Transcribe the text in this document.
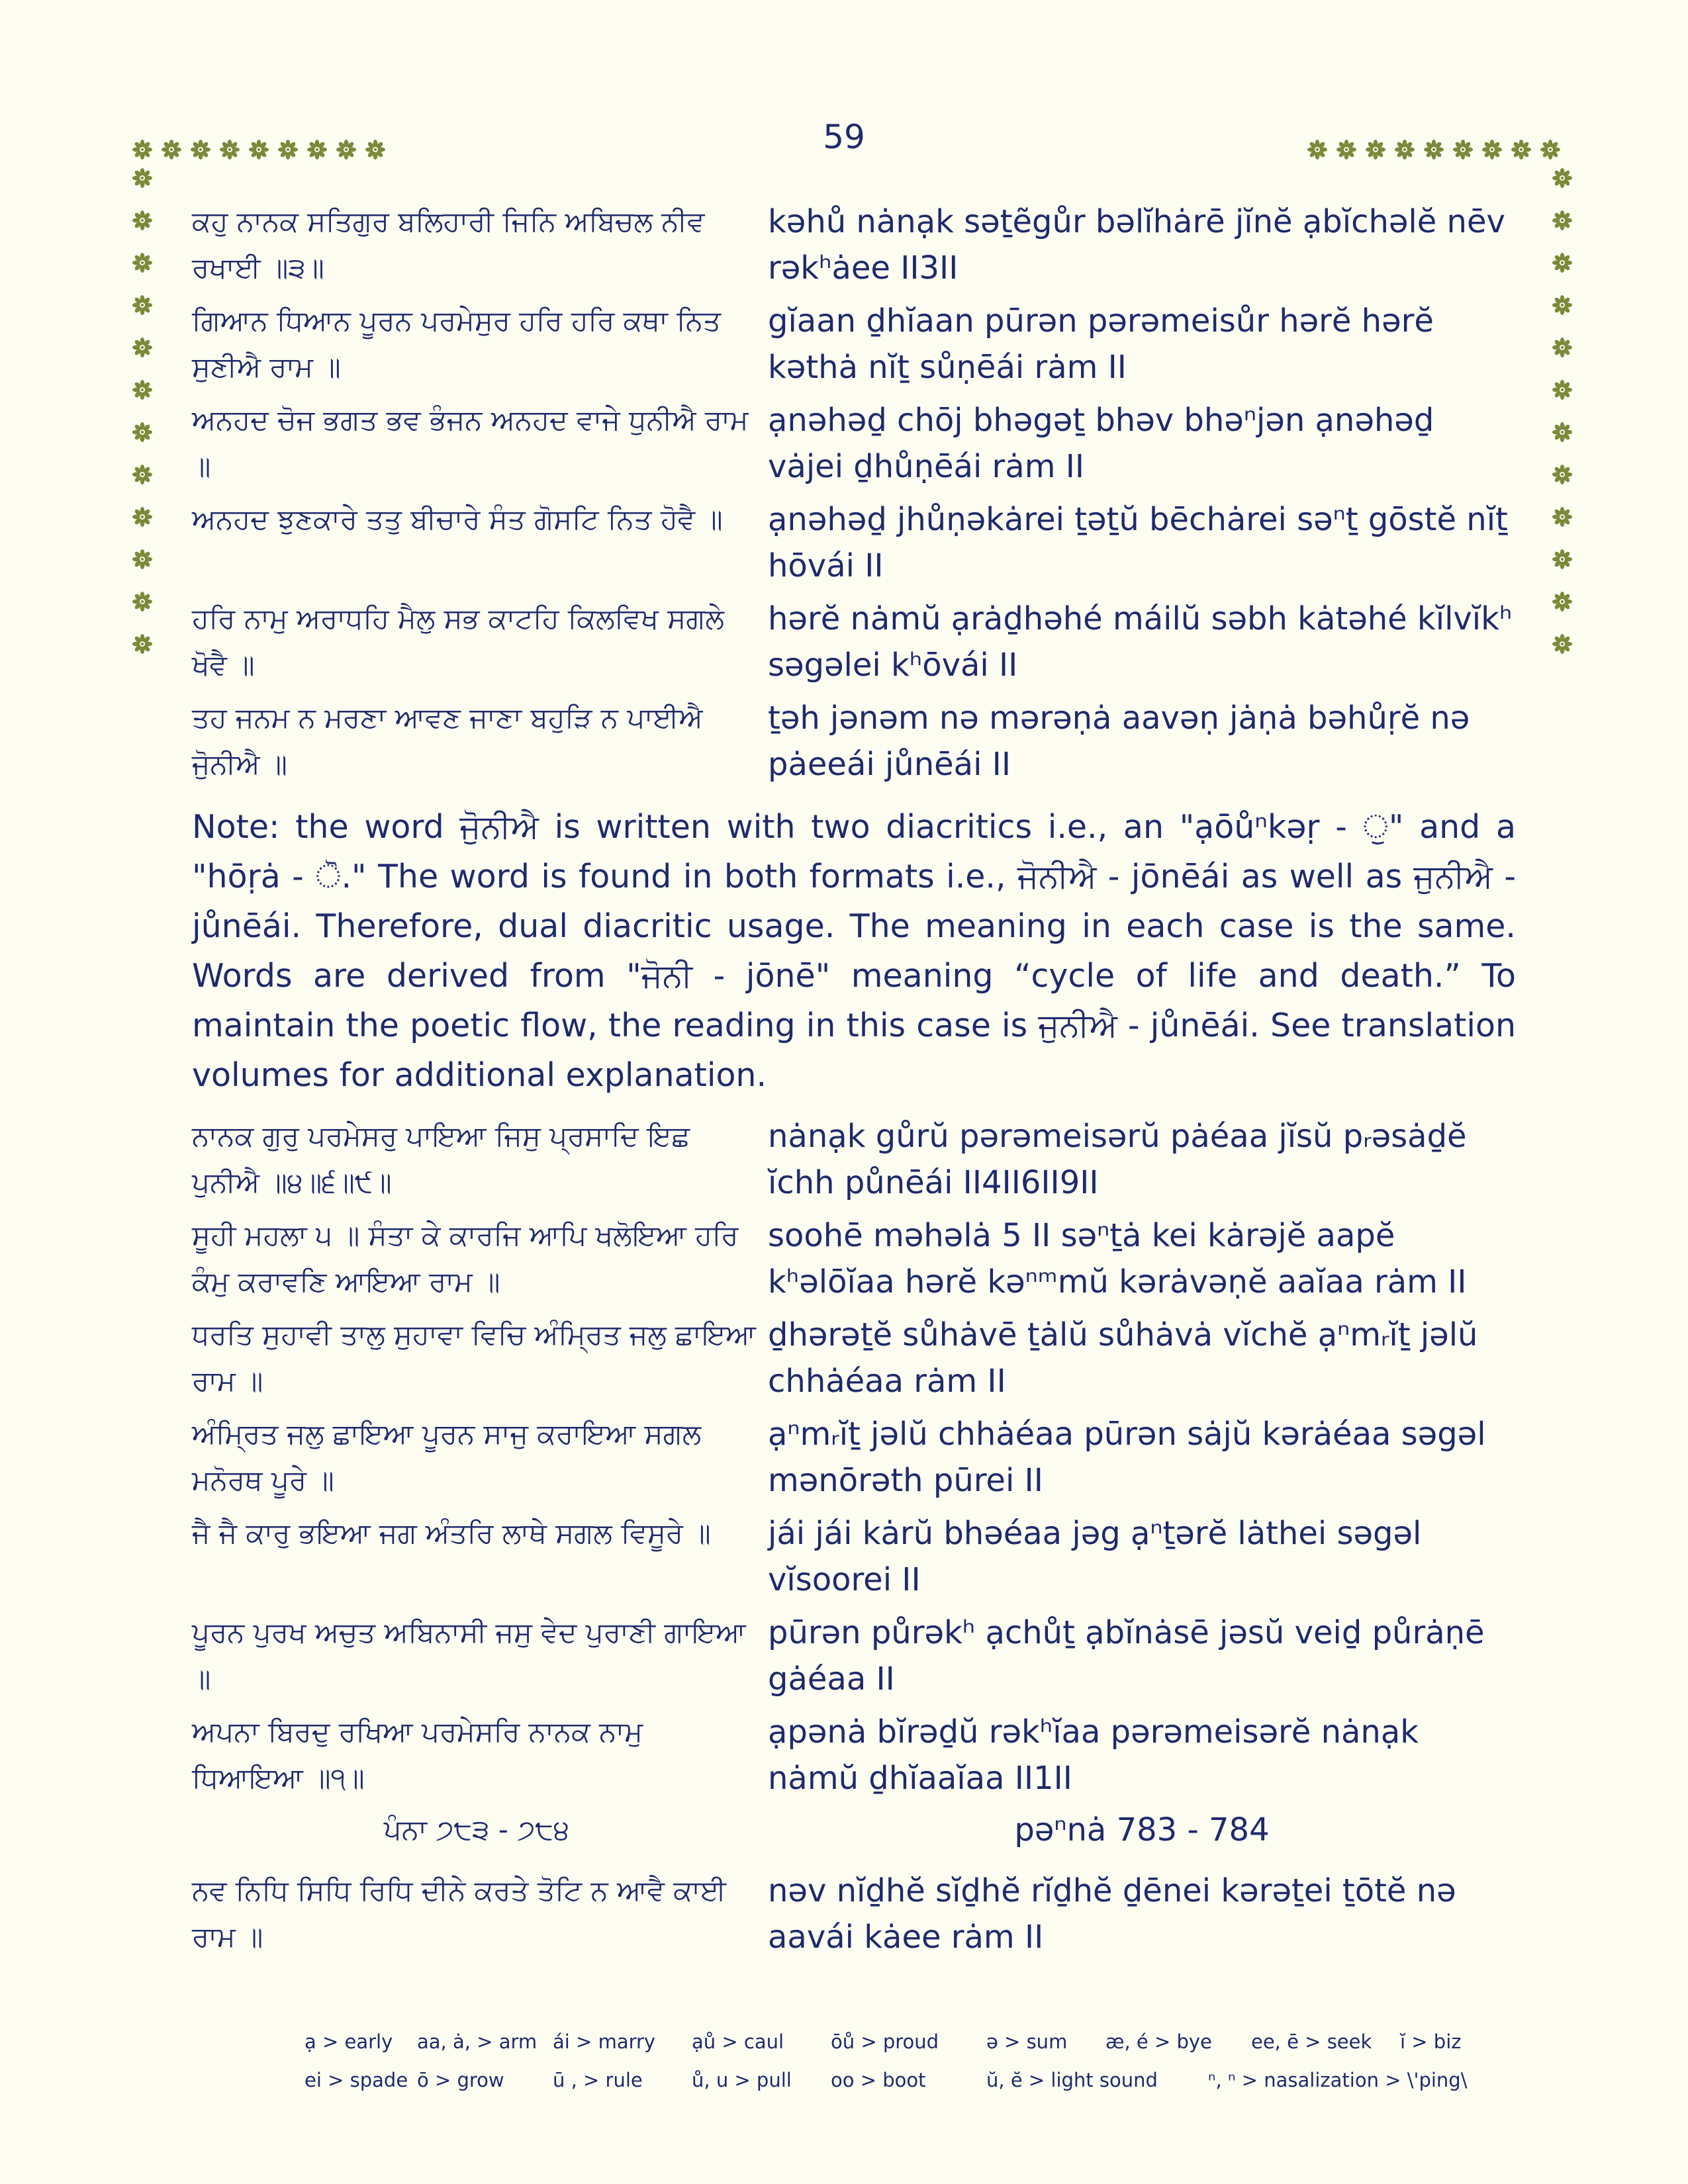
59
ਕਹੁ ਨਾਨਕ ਸਤਿਗੁਰ ਬਲਿਹਾਰੀ ਜਿਨਿ ਅਬਿਚਲ ਨੀਵ ਰਖਾਈ ॥੩॥
kəhů nȧnạk səṯẽgůr bəlĭhȧrē jĭnĕ ạbĭchəlĕ nēv rəkʰȧee II3II
ਗਿਆਨ ਧਿਆਨ ਪੂਰਨ ਪਰਮੇਸੁਰ ਹਰਿ ਹਰਿ ਕਥਾ ਨਿਤ ਸੁਣੀਐ ਰਾਮ ॥
gĭaan ḏhĭaan pūrən pərəmeisůr hərĕ hərĕ kəthȧ nĭṯ sůṇēái rȧm II
ਅਨਹਦ ਚੋਜ ਭਗਤ ਭਵ ਭੰਜਨ ਅਨਹਦ ਵਾਜੇ ਧੁਨੀਐ ਰਾਮ ॥
ạnəhəḏ chōj bhəgəṯ bhəv bhəⁿjən ạnəhəḏ vȧjei ḏhůṇēái rȧm II
ਅਨਹਦ ਝੁਣਕਾਰੇ ਤਤੁ ਬੀਚਾਰੇ ਸੰਤ ਗੋਸਟਿ ਨਿਤ ਹੋਵੈ ॥	ạnəhəḏ jhůṇəkȧrei ṯəṯŭ bēchȧrei səⁿṯ gōstĕ nĭṯ hōvái II
ਹਰਿ ਨਾਮੁ ਅਰਾਧਹਿ ਮੈਲੁ ਸਭ ਕਾਟਹਿ ਕਿਲਵਿਖ ਸਗਲੇ ਖੋਵੈ ॥
hərĕ nȧmŭ ạrȧḏhəhé máilŭ səbh kȧtəhé kĭlvĭkʰ səgəlei kʰōvái II
ਤਹ ਜਨਮ ਨ ਮਰਣਾ ਆਵਣ ਜਾਣਾ ਬਹੁੜਿ ਨ ਪਾਈਐ ਜੁੋਨੀਐ ॥
ṯəh jənəm nə mərəṇȧ aavəṇ jȧṇȧ bəhůṛĕ nə pȧeeái jůnēái II
Note: the word ਜੁੋਨੀਐ is written with two diacritics i.e., an "ạōůⁿkəṛ - ੁ" and a "hōṛȧ - ੋ." The word is found in both formats i.e., ਜੋਨੀਐ - jōnēái as well as ਜੁਨੀਐ - jůnēái. Therefore, dual diacritic usage. The meaning in each case is the same. Words are derived from "ਜੋਨੀ - jōnē" meaning “cycle of life and death.” To maintain the poetic flow, the reading in this case is ਜੁਨੀਐ - jůnēái. See translation volumes for additional explanation.
ਨਾਨਕ ਗੁਰੁ ਪਰਮੇਸਰੁ ਪਾਇਆ ਜਿਸੁ ਪ੍ਰਸਾਦਿ ਇਛ ਪੁਨੀਐ ॥੪॥੬॥੯॥
nȧnạk gůrŭ pərəmeisərŭ pȧéaa jĭsŭ pᵣəsȧḏĕ ĭchh půnēái II4II6II9II
ਸੂਹੀ ਮਹਲਾ ੫ ॥ ਸੰਤਾ ਕੇ ਕਾਰਜਿ ਆਪਿ ਖਲੋਇਆ ਹਰਿ ਕੰਮੁ ਕਰਾਵਣਿ ਆਇਆ ਰਾਮ ॥
soohē məhəlȧ 5 II səⁿṯȧ kei kȧrəjĕ aapĕ kʰəlōĭaa hərĕ kəⁿᵐmŭ kərȧvəṇĕ aaĭaa rȧm II
ਧਰਤਿ ਸੁਹਾਵੀ ਤਾਲੁ ਸੁਹਾਵਾ ਵਿਚਿ ਅੰਮ੍ਰਿਤ ਜਲੁ ਛਾਇਆ ਰਾਮ ॥
ḏhərəṯĕ sůhȧvē ṯȧlŭ sůhȧvȧ vĭchĕ ạⁿmᵣĭṯ jəlŭ chhȧéaa rȧm II
ਅੰਮ੍ਰਿਤ ਜਲੁ ਛਾਇਆ ਪੂਰਨ ਸਾਜੁ ਕਰਾਇਆ ਸਗਲ ਮਨੋਰਥ ਪੂਰੇ ॥
ạⁿmᵣĭṯ jəlŭ chhȧéaa pūrən sȧjŭ kərȧéaa səgəl mənōrəth pūrei II
ਜੈ ਜੈ ਕਾਰੁ ਭਇਆ ਜਗ ਅੰਤਰਿ ਲਾਥੇ ਸਗਲ ਵਿਸੂਰੇ ॥	jái jái kȧrŭ bhəéaa jəg ạⁿṯərĕ lȧthei səgəl vĭsoorei II
ਪੂਰਨ ਪੁਰਖ ਅਚੁਤ ਅਬਿਨਾਸੀ ਜਸੁ ਵੇਦ ਪੁਰਾਣੀ ਗਾਇਆ ॥
pūrən půrəkʰ ạchůṯ ạbĭnȧsē jəsŭ veiḏ půrȧṇē gȧéaa II
ਅਪਨਾ ਬਿਰਦੁ ਰਖਿਆ ਪਰਮੇਸਰਿ ਨਾਨਕ ਨਾਮੁ ਧਿਆਇਆ ॥੧॥
ạpənȧ bĭrəḏŭ rəkʰĭaa pərəmeisərĕ nȧnạk nȧmŭ ḏhĭaaĭaa II1II
ਪੰਨਾ ੭੮੩ - ੭੮੪	pəⁿnȧ 783 - 784
ਨਵ ਨਿਧਿ ਸਿਧਿ ਰਿਧਿ ਦੀਨੇ ਕਰਤੇ ਤੋਟਿ ਨ ਆਵੈ ਕਾਈ ਰਾਮ ॥
nəv nĭḏhĕ sĭḏhĕ rĭḏhĕ ḏēnei kərəṯei ṯōtĕ nə aavái kȧee rȧm II
ạ > early aa, ȧ, > arm ái > marry ạů > caul ōů > proud ə > sum æ, é > bye ee, ē > seek ĭ > biz
ei > spade ō > grow	ū , > rule	ů, u > pull oo > boot	ŭ, ĕ > light sound	ⁿ, ⁿ > nasalization > \'ping\
